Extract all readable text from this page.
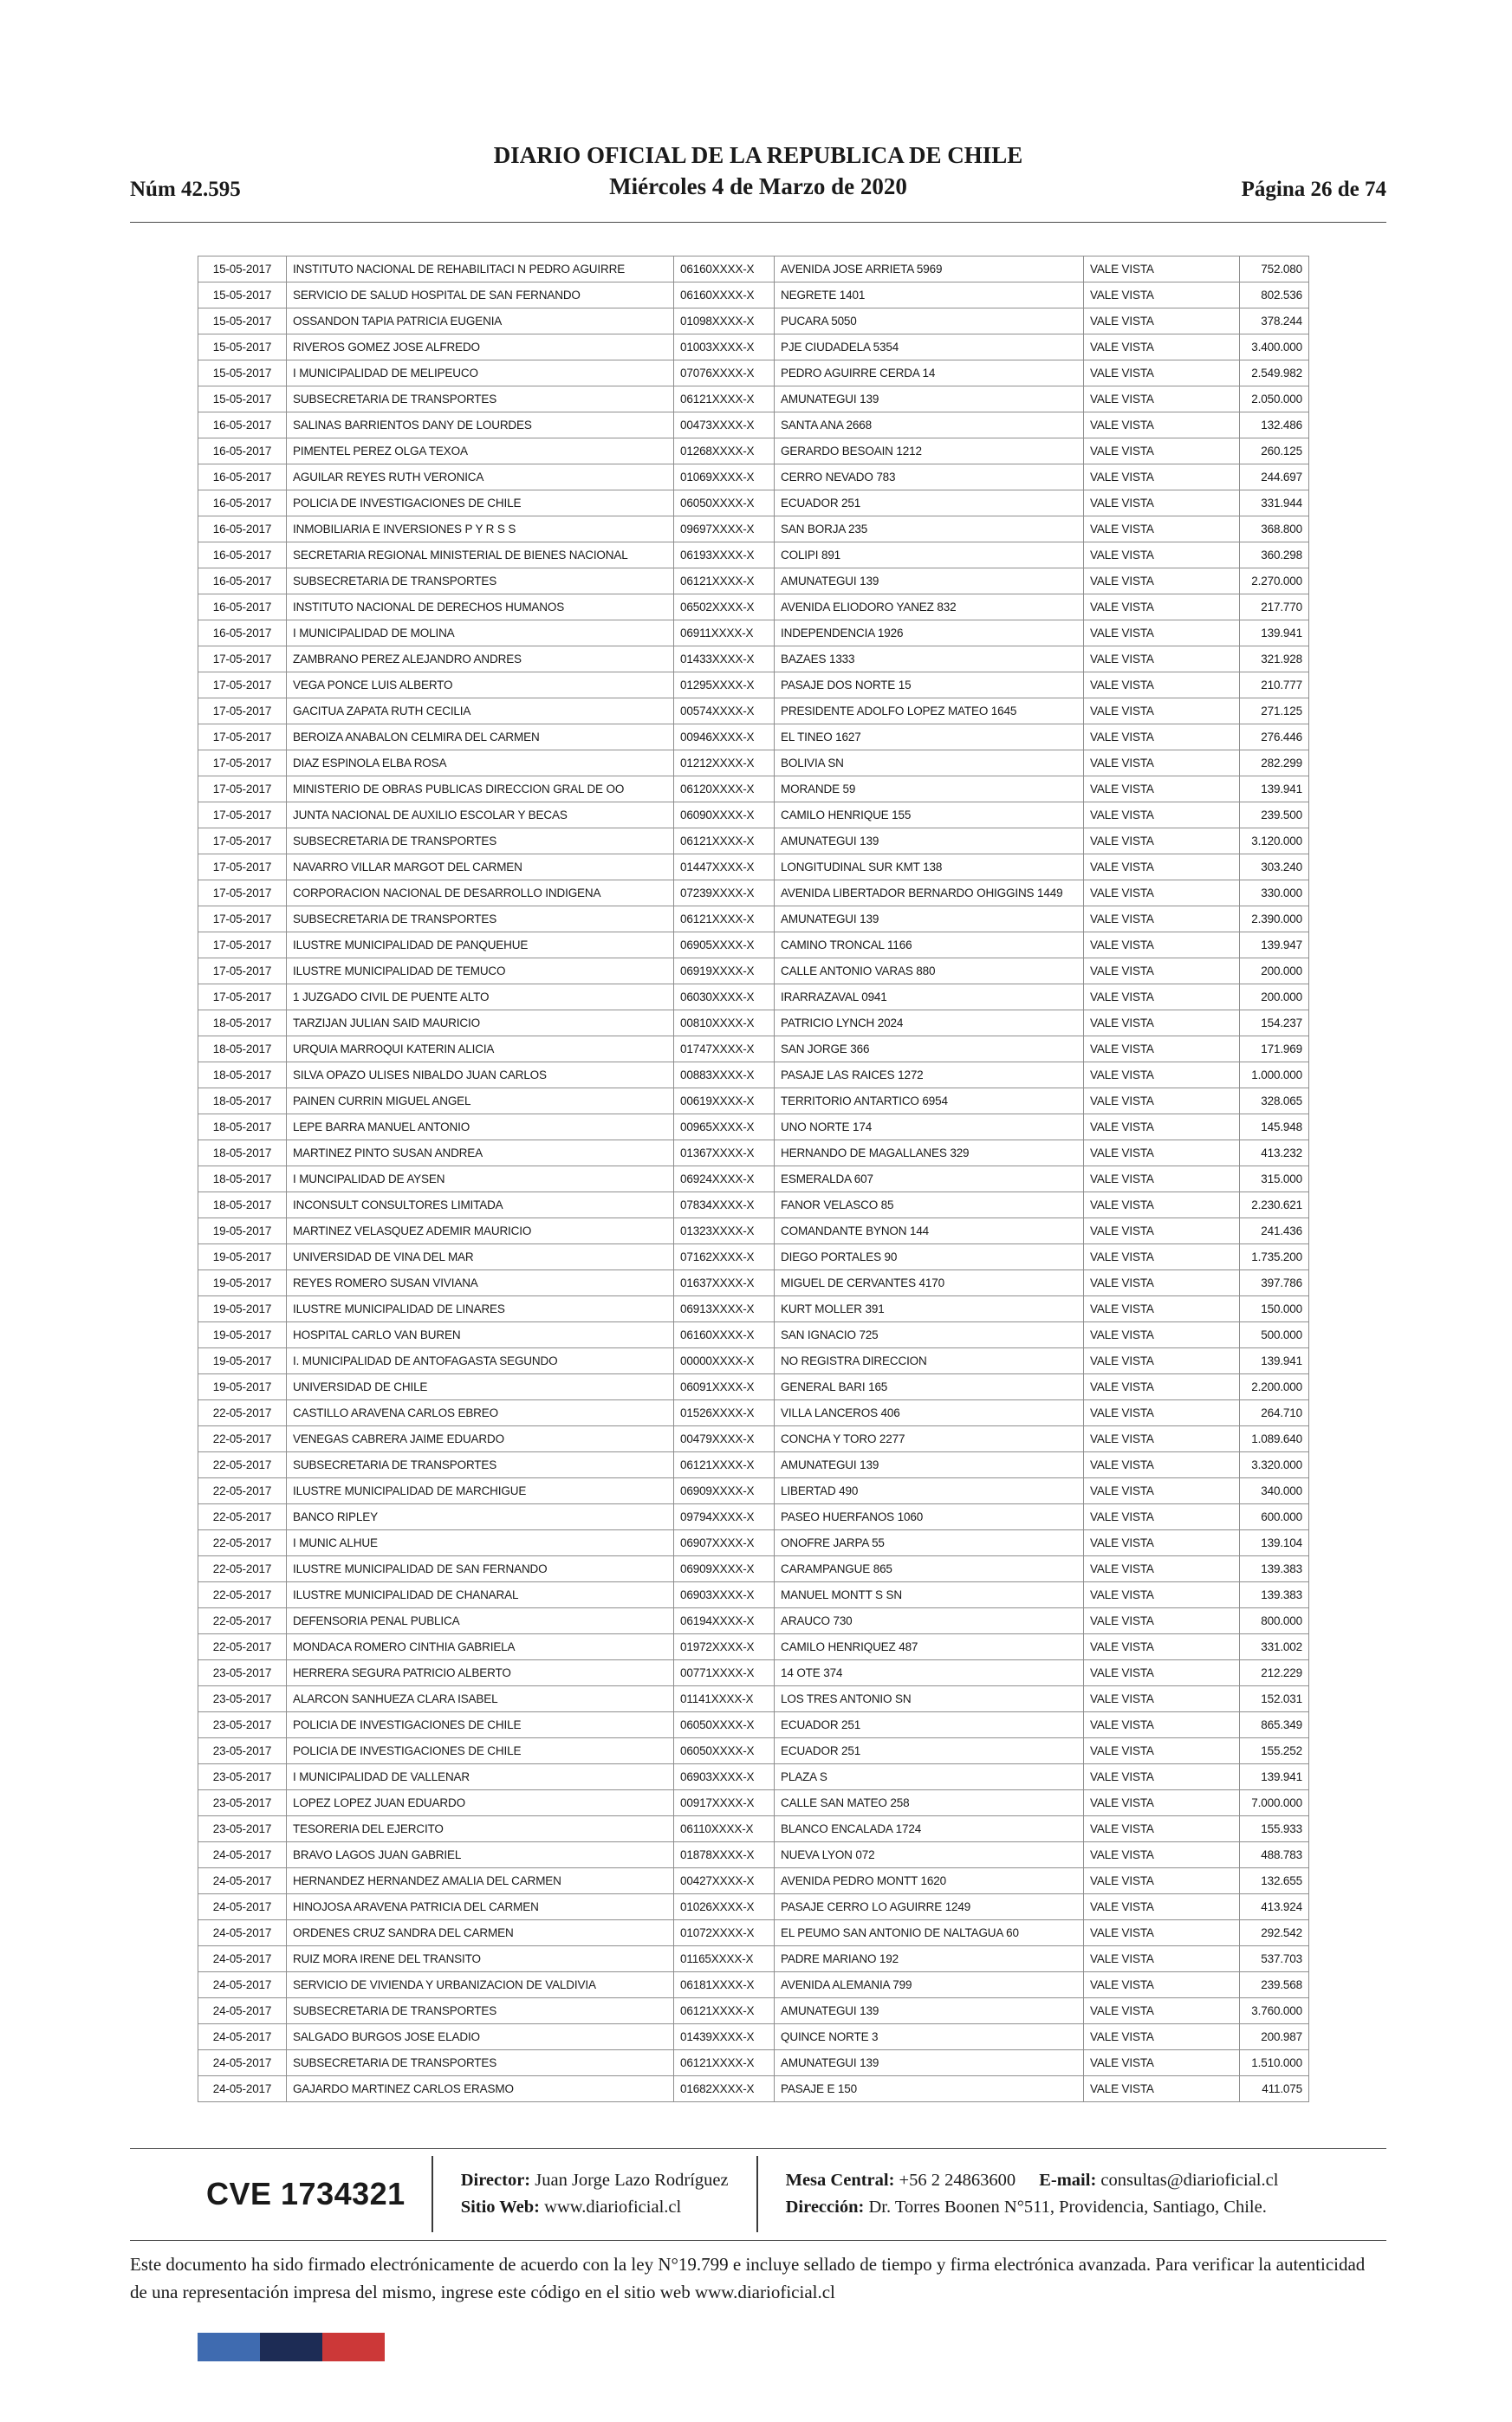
Núm 42.595
DIARIO OFICIAL DE LA REPUBLICA DE CHILE
Miércoles 4 de Marzo de 2020	Página 26 de 74
15-05-2017	INSTITUTO NACIONAL DE REHABILITACI N PEDRO AGUIRRE	06160XXXX-X	AVENIDA JOSE ARRIETA 5969	VALE VISTA	752.080
15-05-2017	SERVICIO DE SALUD HOSPITAL DE SAN FERNANDO	06160XXXX-X	NEGRETE 1401	VALE VISTA	802.536
15-05-2017	OSSANDON TAPIA PATRICIA EUGENIA	01098XXXX-X	PUCARA 5050	VALE VISTA	378.244
15-05-2017	RIVEROS GOMEZ JOSE ALFREDO	01003XXXX-X	PJE CIUDADELA 5354	VALE VISTA	3.400.000
15-05-2017	I MUNICIPALIDAD DE MELIPEUCO	07076XXXX-X	PEDRO AGUIRRE CERDA 14	VALE VISTA	2.549.982
15-05-2017	SUBSECRETARIA DE TRANSPORTES	06121XXXX-X	AMUNATEGUI 139	VALE VISTA	2.050.000
16-05-2017	SALINAS BARRIENTOS DANY DE LOURDES	00473XXXX-X	SANTA ANA 2668	VALE VISTA	132.486
16-05-2017	PIMENTEL PEREZ OLGA TEXOA	01268XXXX-X	GERARDO BESOAIN 1212	VALE VISTA	260.125
16-05-2017	AGUILAR REYES RUTH VERONICA	01069XXXX-X	CERRO NEVADO 783	VALE VISTA	244.697
16-05-2017	POLICIA DE INVESTIGACIONES DE CHILE	06050XXXX-X	ECUADOR 251	VALE VISTA	331.944
16-05-2017	INMOBILIARIA E INVERSIONES P Y R S S	09697XXXX-X	SAN BORJA 235	VALE VISTA	368.800
16-05-2017	SECRETARIA REGIONAL MINISTERIAL DE BIENES NACIONAL	06193XXXX-X	COLIPI 891	VALE VISTA	360.298
16-05-2017	SUBSECRETARIA DE TRANSPORTES	06121XXXX-X	AMUNATEGUI 139	VALE VISTA	2.270.000
16-05-2017	INSTITUTO NACIONAL DE DERECHOS HUMANOS	06502XXXX-X	AVENIDA ELIODORO YANEZ 832	VALE VISTA	217.770
16-05-2017	I MUNICIPALIDAD DE MOLINA	06911XXXX-X	INDEPENDENCIA 1926	VALE VISTA	139.941
17-05-2017	ZAMBRANO PEREZ ALEJANDRO ANDRES	01433XXXX-X	BAZAES 1333	VALE VISTA	321.928
17-05-2017	VEGA PONCE LUIS ALBERTO	01295XXXX-X	PASAJE DOS NORTE 15	VALE VISTA	210.777
17-05-2017	GACITUA ZAPATA RUTH CECILIA	00574XXXX-X	PRESIDENTE ADOLFO LOPEZ MATEO 1645	VALE VISTA	271.125
17-05-2017	BEROIZA ANABALON CELMIRA DEL CARMEN	00946XXXX-X	EL TINEO 1627	VALE VISTA	276.446
17-05-2017	DIAZ ESPINOLA ELBA ROSA	01212XXXX-X	BOLIVIA SN	VALE VISTA	282.299
17-05-2017	MINISTERIO DE OBRAS PUBLICAS DIRECCION GRAL DE OO	06120XXXX-X	MORANDE 59	VALE VISTA	139.941
17-05-2017	JUNTA NACIONAL DE AUXILIO ESCOLAR Y BECAS	06090XXXX-X	CAMILO HENRIQUE 155	VALE VISTA	239.500
17-05-2017	SUBSECRETARIA DE TRANSPORTES	06121XXXX-X	AMUNATEGUI 139	VALE VISTA	3.120.000
17-05-2017	NAVARRO VILLAR MARGOT DEL CARMEN	01447XXXX-X	LONGITUDINAL SUR KMT 138	VALE VISTA	303.240
17-05-2017	CORPORACION NACIONAL DE DESARROLLO INDIGENA	07239XXXX-X	AVENIDA LIBERTADOR BERNARDO OHIGGINS 1449	VALE VISTA	330.000
17-05-2017	SUBSECRETARIA DE TRANSPORTES	06121XXXX-X	AMUNATEGUI 139	VALE VISTA	2.390.000
17-05-2017	ILUSTRE MUNICIPALIDAD DE PANQUEHUE	06905XXXX-X	CAMINO TRONCAL 1166	VALE VISTA	139.947
17-05-2017	ILUSTRE MUNICIPALIDAD DE TEMUCO	06919XXXX-X	CALLE ANTONIO VARAS 880	VALE VISTA	200.000
17-05-2017	1 JUZGADO CIVIL DE PUENTE ALTO	06030XXXX-X	IRARRAZAVAL 0941	VALE VISTA	200.000
18-05-2017	TARZIJAN JULIAN SAID MAURICIO	00810XXXX-X	PATRICIO LYNCH 2024	VALE VISTA	154.237
18-05-2017	URQUIA MARROQUI KATERIN ALICIA	01747XXXX-X	SAN JORGE 366	VALE VISTA	171.969
18-05-2017	SILVA OPAZO ULISES NIBALDO JUAN CARLOS	00883XXXX-X	PASAJE LAS RAICES 1272	VALE VISTA	1.000.000
18-05-2017	PAINEN CURRIN MIGUEL ANGEL	00619XXXX-X	TERRITORIO ANTARTICO 6954	VALE VISTA	328.065
18-05-2017	LEPE BARRA MANUEL ANTONIO	00965XXXX-X	UNO NORTE 174	VALE VISTA	145.948
18-05-2017	MARTINEZ PINTO SUSAN ANDREA	01367XXXX-X	HERNANDO DE MAGALLANES 329	VALE VISTA	413.232
18-05-2017	I MUNCIPALIDAD DE AYSEN	06924XXXX-X	ESMERALDA 607	VALE VISTA	315.000
18-05-2017	INCONSULT CONSULTORES LIMITADA	07834XXXX-X	FANOR VELASCO 85	VALE VISTA	2.230.621
19-05-2017	MARTINEZ VELASQUEZ ADEMIR MAURICIO	01323XXXX-X	COMANDANTE BYNON 144	VALE VISTA	241.436
19-05-2017	UNIVERSIDAD DE VINA DEL MAR	07162XXXX-X	DIEGO PORTALES 90	VALE VISTA	1.735.200
19-05-2017	REYES ROMERO SUSAN VIVIANA	01637XXXX-X	MIGUEL DE CERVANTES 4170	VALE VISTA	397.786
19-05-2017	ILUSTRE MUNICIPALIDAD DE LINARES	06913XXXX-X	KURT MOLLER 391	VALE VISTA	150.000
19-05-2017	HOSPITAL CARLO VAN BUREN	06160XXXX-X	SAN IGNACIO 725	VALE VISTA	500.000
19-05-2017	I. MUNICIPALIDAD DE ANTOFAGASTA SEGUNDO	00000XXXX-X	NO REGISTRA DIRECCION	VALE VISTA	139.941
19-05-2017	UNIVERSIDAD DE CHILE	06091XXXX-X	GENERAL BARI 165	VALE VISTA	2.200.000
22-05-2017	CASTILLO ARAVENA CARLOS EBREO	01526XXXX-X	VILLA LANCEROS 406	VALE VISTA	264.710
22-05-2017	VENEGAS CABRERA JAIME EDUARDO	00479XXXX-X	CONCHA Y TORO 2277	VALE VISTA	1.089.640
22-05-2017	SUBSECRETARIA DE TRANSPORTES	06121XXXX-X	AMUNATEGUI 139	VALE VISTA	3.320.000
22-05-2017	ILUSTRE MUNICIPALIDAD DE MARCHIGUE	06909XXXX-X	LIBERTAD 490	VALE VISTA	340.000
22-05-2017	BANCO RIPLEY	09794XXXX-X	PASEO HUERFANOS 1060	VALE VISTA	600.000
22-05-2017	I MUNIC ALHUE	06907XXXX-X	ONOFRE JARPA 55	VALE VISTA	139.104
22-05-2017	ILUSTRE MUNICIPALIDAD DE SAN FERNANDO	06909XXXX-X	CARAMPANGUE 865	VALE VISTA	139.383
22-05-2017	ILUSTRE MUNICIPALIDAD DE CHANARAL	06903XXXX-X	MANUEL MONTT S SN	VALE VISTA	139.383
22-05-2017	DEFENSORIA PENAL PUBLICA	06194XXXX-X	ARAUCO 730	VALE VISTA	800.000
22-05-2017	MONDACA ROMERO CINTHIA GABRIELA	01972XXXX-X	CAMILO HENRIQUEZ 487	VALE VISTA	331.002
23-05-2017	HERRERA SEGURA PATRICIO ALBERTO	00771XXXX-X	14 OTE 374	VALE VISTA	212.229
23-05-2017	ALARCON SANHUEZA CLARA ISABEL	01141XXXX-X	LOS TRES ANTONIO SN	VALE VISTA	152.031
23-05-2017	POLICIA DE INVESTIGACIONES DE CHILE	06050XXXX-X	ECUADOR 251	VALE VISTA	865.349
23-05-2017	POLICIA DE INVESTIGACIONES DE CHILE	06050XXXX-X	ECUADOR 251	VALE VISTA	155.252
23-05-2017	I MUNICIPALIDAD DE VALLENAR	06903XXXX-X	PLAZA S	VALE VISTA	139.941
23-05-2017	LOPEZ LOPEZ JUAN EDUARDO	00917XXXX-X	CALLE SAN MATEO 258	VALE VISTA	7.000.000
23-05-2017	TESORERIA DEL EJERCITO	06110XXXX-X	BLANCO ENCALADA 1724	VALE VISTA	155.933
24-05-2017	BRAVO LAGOS JUAN GABRIEL	01878XXXX-X	NUEVA LYON 072	VALE VISTA	488.783
24-05-2017	HERNANDEZ HERNANDEZ AMALIA DEL CARMEN	00427XXXX-X	AVENIDA PEDRO MONTT 1620	VALE VISTA	132.655
24-05-2017	HINOJOSA ARAVENA PATRICIA DEL CARMEN	01026XXXX-X	PASAJE CERRO LO AGUIRRE 1249	VALE VISTA	413.924
24-05-2017	ORDENES CRUZ SANDRA DEL CARMEN	01072XXXX-X	EL PEUMO SAN ANTONIO DE NALTAGUA 60	VALE VISTA	292.542
24-05-2017	RUIZ MORA IRENE DEL TRANSITO	01165XXXX-X	PADRE MARIANO 192	VALE VISTA	537.703
24-05-2017	SERVICIO DE VIVIENDA Y URBANIZACION DE VALDIVIA	06181XXXX-X	AVENIDA ALEMANIA 799	VALE VISTA	239.568
24-05-2017	SUBSECRETARIA DE TRANSPORTES	06121XXXX-X	AMUNATEGUI 139	VALE VISTA	3.760.000
24-05-2017	SALGADO BURGOS JOSE ELADIO	01439XXXX-X	QUINCE NORTE 3	VALE VISTA	200.987
24-05-2017	SUBSECRETARIA DE TRANSPORTES	06121XXXX-X	AMUNATEGUI 139	VALE VISTA	1.510.000
24-05-2017	GAJARDO MARTINEZ CARLOS ERASMO	01682XXXX-X	PASAJE E 150	VALE VISTA	411.075
CVE 1734321	Director: Juan Jorge Lazo Rodríguez
Sitio Web: www.diarioficial.cl
Mesa Central: +56 2 24863600 E-mail: consultas@diarioficial.cl
Dirección: Dr. Torres Boonen N°511, Providencia, Santiago, Chile.
Este documento ha sido firmado electrónicamente de acuerdo con la ley N°19.799 e incluye sellado de tiempo y firma electrónica avanzada. Para verificar la autenticidad de una representación impresa del mismo, ingrese este código en el sitio web www.diarioficial.cl
